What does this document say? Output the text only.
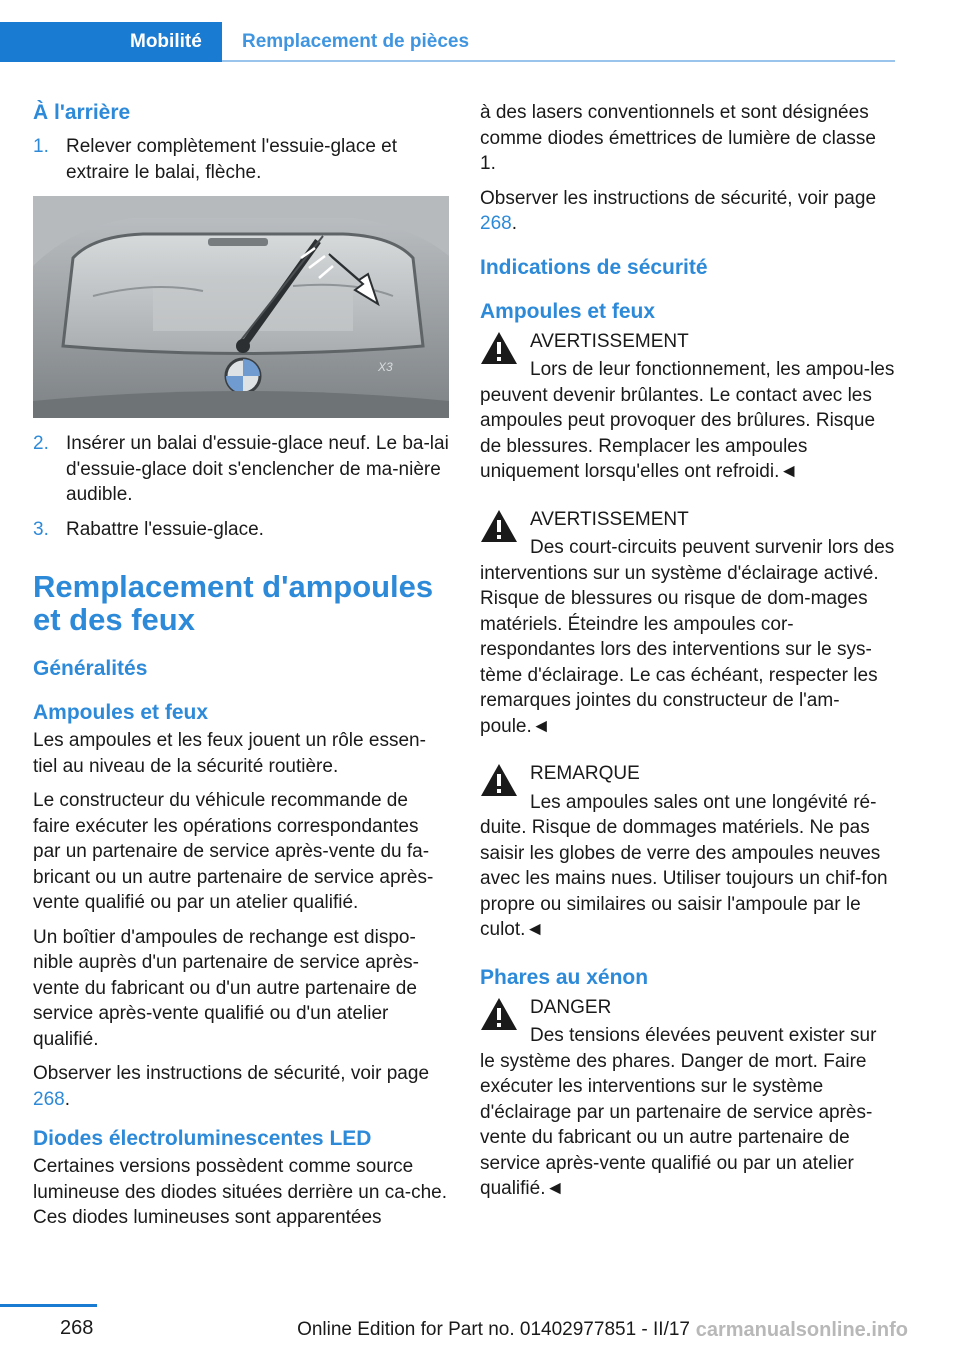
Mobilité Remplacement de pièces
À l'arrière
1. Relever complètement l'essuie-glace et extraire le balai, flèche.
X3
2. Insérer un balai d'essuie-glace neuf. Le ba-lai d'essuie-glace doit s'enclencher de ma-nière audible.
3. Rabattre l'essuie-glace.
Remplacement d'ampoules et des feux
Généralités
Ampoules et feux

Les ampoules et les feux jouent un rôle essen-tiel au niveau de la sécurité routière.

Le constructeur du véhicule recommande de faire exécuter les opérations correspondantes par un partenaire de service après-vente du fa-bricant ou un autre partenaire de service après-vente qualifié ou par un atelier qualifié.

Un boîtier d'ampoules de rechange est dispo-nible auprès d'un partenaire de service après-vente du fabricant ou d'un autre partenaire de service après-vente qualifié ou d'un atelier qualifié.

Observer les instructions de sécurité, voir page 268.

Diodes électroluminescentes LED

Certaines versions possèdent comme source lumineuse des diodes situées derrière un ca-che. Ces diodes lumineuses sont apparentées

à des lasers conventionnels et sont désignées comme diodes émettrices de lumière de classe 1.

Observer les instructions de sécurité, voir page 268.

Indications de sécurité
Ampoules et feux
AVERTISSEMENT

Lors de leur fonctionnement, les ampou-les peuvent devenir brûlantes. Le contact avec les ampoules peut provoquer des brûlures. Risque de blessures. Remplacer les ampoules uniquement lorsqu'elles ont refroidi.◄

AVERTISSEMENT

Des court-circuits peuvent survenir lors des interventions sur un système d'éclairage activé. Risque de blessures ou risque de dom-mages matériels. Éteindre les ampoules cor-respondantes lors des interventions sur le sys-tème d'éclairage. Le cas échéant, respecter les remarques jointes du constructeur de l'am-poule.◄

REMARQUE

Les ampoules sales ont une longévité ré-duite. Risque de dommages matériels. Ne pas saisir les globes de verre des ampoules neuves avec les mains nues. Utiliser toujours un chif-fon propre ou similaires ou saisir l'ampoule par le culot.◄

Phares au xénon
DANGER

Des tensions élevées peuvent exister sur le système des phares. Danger de mort. Faire exécuter les interventions sur le système d'éclairage par un partenaire de service après-vente du fabricant ou un autre partenaire de service après-vente qualifié ou par un atelier qualifié.◄

268	Online Edition for Part no. 01402977851 - II/17 carmanualsonline.info
